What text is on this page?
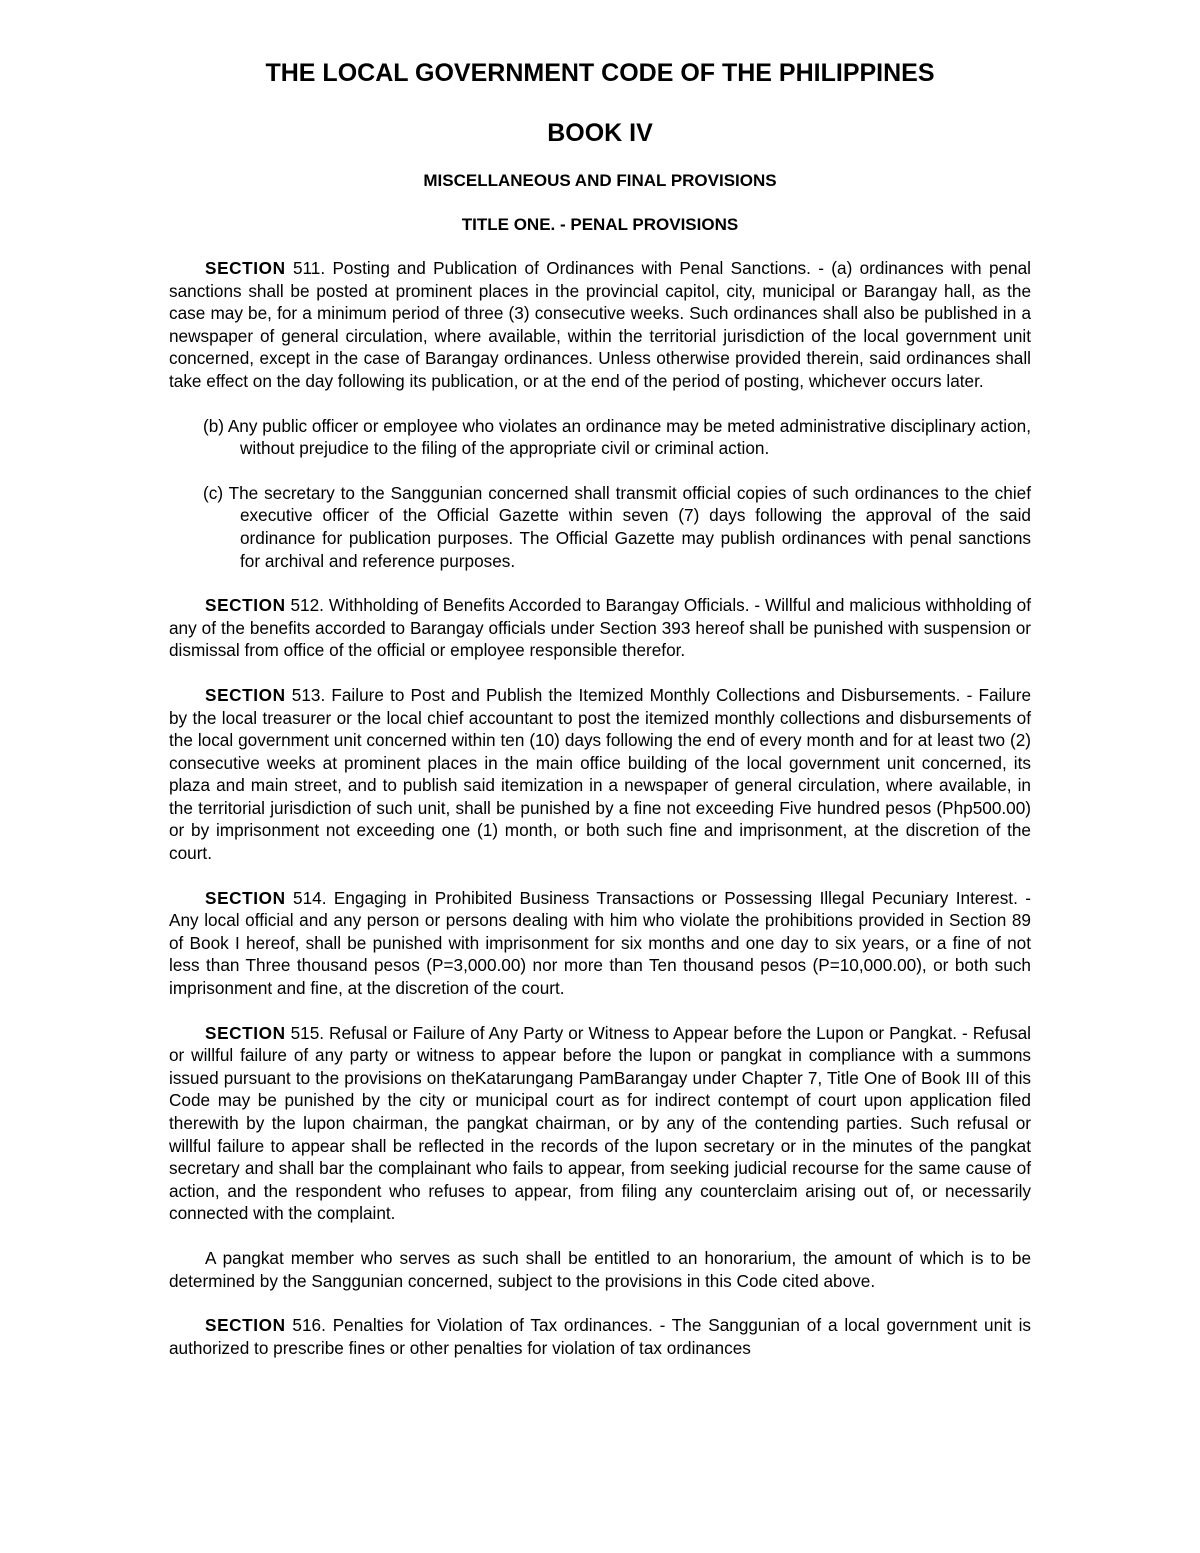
THE LOCAL GOVERNMENT CODE OF THE PHILIPPINES
BOOK IV
MISCELLANEOUS AND FINAL PROVISIONS
TITLE ONE. - PENAL PROVISIONS

SECTION 511. Posting and Publication of Ordinances with Penal Sanctions. - (a) ordinances with penal sanctions shall be posted at prominent places in the provincial capitol, city, municipal or Barangay hall, as the case may be, for a minimum period of three (3) consecutive weeks. Such ordinances shall also be published in a newspaper of general circulation, where available, within the territorial jurisdiction of the local government unit concerned, except in the case of Barangay ordinances. Unless otherwise provided therein, said ordinances shall take effect on the day following its publication, or at the end of the period of posting, whichever occurs later.

(b) Any public officer or employee who violates an ordinance may be meted administrative disciplinary action, without prejudice to the filing of the appropriate civil or criminal action.

(c) The secretary to the Sanggunian concerned shall transmit official copies of such ordinances to the chief executive officer of the Official Gazette within seven (7) days following the approval of the said ordinance for publication purposes. The Official Gazette may publish ordinances with penal sanctions for archival and reference purposes.

SECTION 512. Withholding of Benefits Accorded to Barangay Officials. - Willful and malicious withholding of any of the benefits accorded to Barangay officials under Section 393 hereof shall be punished with suspension or dismissal from office of the official or employee responsible therefor.

SECTION 513. Failure to Post and Publish the Itemized Monthly Collections and Disbursements. - Failure by the local treasurer or the local chief accountant to post the itemized monthly collections and disbursements of the local government unit concerned within ten (10) days following the end of every month and for at least two (2) consecutive weeks at prominent places in the main office building of the local government unit concerned, its plaza and main street, and to publish said itemization in a newspaper of general circulation, where available, in the territorial jurisdiction of such unit, shall be punished by a fine not exceeding Five hundred pesos (Php500.00) or by imprisonment not exceeding one (1) month, or both such fine and imprisonment, at the discretion of the court.

SECTION 514. Engaging in Prohibited Business Transactions or Possessing Illegal Pecuniary Interest. - Any local official and any person or persons dealing with him who violate the prohibitions provided in Section 89 of Book I hereof, shall be punished with imprisonment for six months and one day to six years, or a fine of not less than Three thousand pesos (P=3,000.00) nor more than Ten thousand pesos (P=10,000.00), or both such imprisonment and fine, at the discretion of the court.

SECTION 515. Refusal or Failure of Any Party or Witness to Appear before the Lupon or Pangkat. - Refusal or willful failure of any party or witness to appear before the lupon or pangkat in compliance with a summons issued pursuant to the provisions on theKatarungang PamBarangay under Chapter 7, Title One of Book III of this Code may be punished by the city or municipal court as for indirect contempt of court upon application filed therewith by the lupon chairman, the pangkat chairman, or by any of the contending parties. Such refusal or willful failure to appear shall be reflected in the records of the lupon secretary or in the minutes of the pangkat secretary and shall bar the complainant who fails to appear, from seeking judicial recourse for the same cause of action, and the respondent who refuses to appear, from filing any counterclaim arising out of, or necessarily connected with the complaint.

A pangkat member who serves as such shall be entitled to an honorarium, the amount of which is to be determined by the Sanggunian concerned, subject to the provisions in this Code cited above.

SECTION 516. Penalties for Violation of Tax ordinances. - The Sanggunian of a local government unit is authorized to prescribe fines or other penalties for violation of tax ordinances
